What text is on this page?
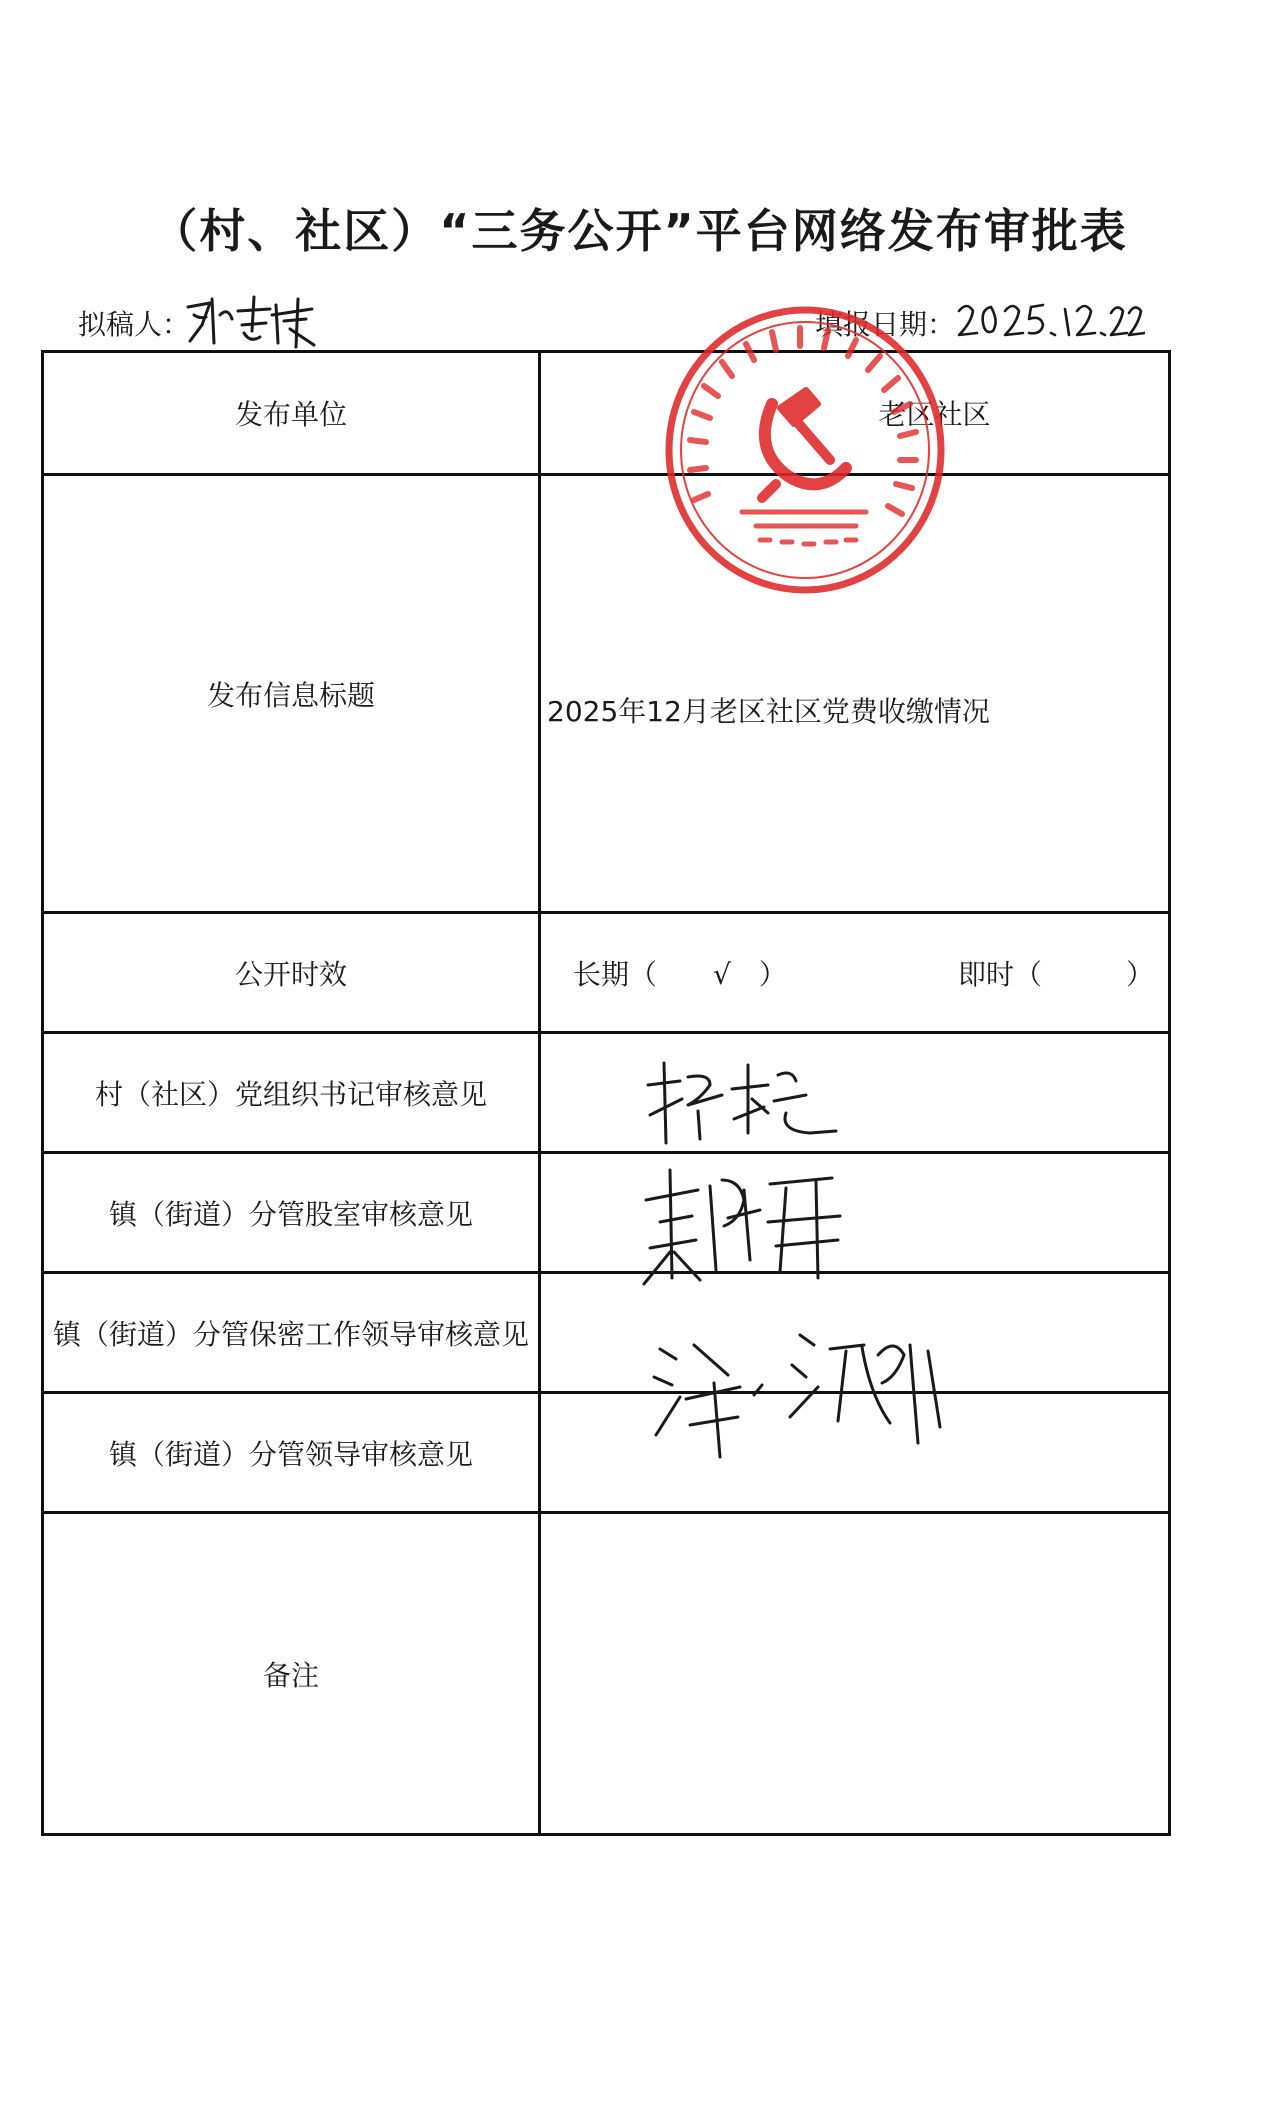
（村、社区）“三务公开”平台网络发布审批表
拟稿人：	填报日期：
发布单位	老区社区

发布信息标题	2025年12月老区社区党费收缴情况
公开时效	长期（　　√　） 即时（　　　）

村（社区）党组织书记审核意见	
镇（街道）分管股室审核意见	
镇（街道）分管保密工作领导审核意见	
镇（街道）分管领导审核意见	
备注	
